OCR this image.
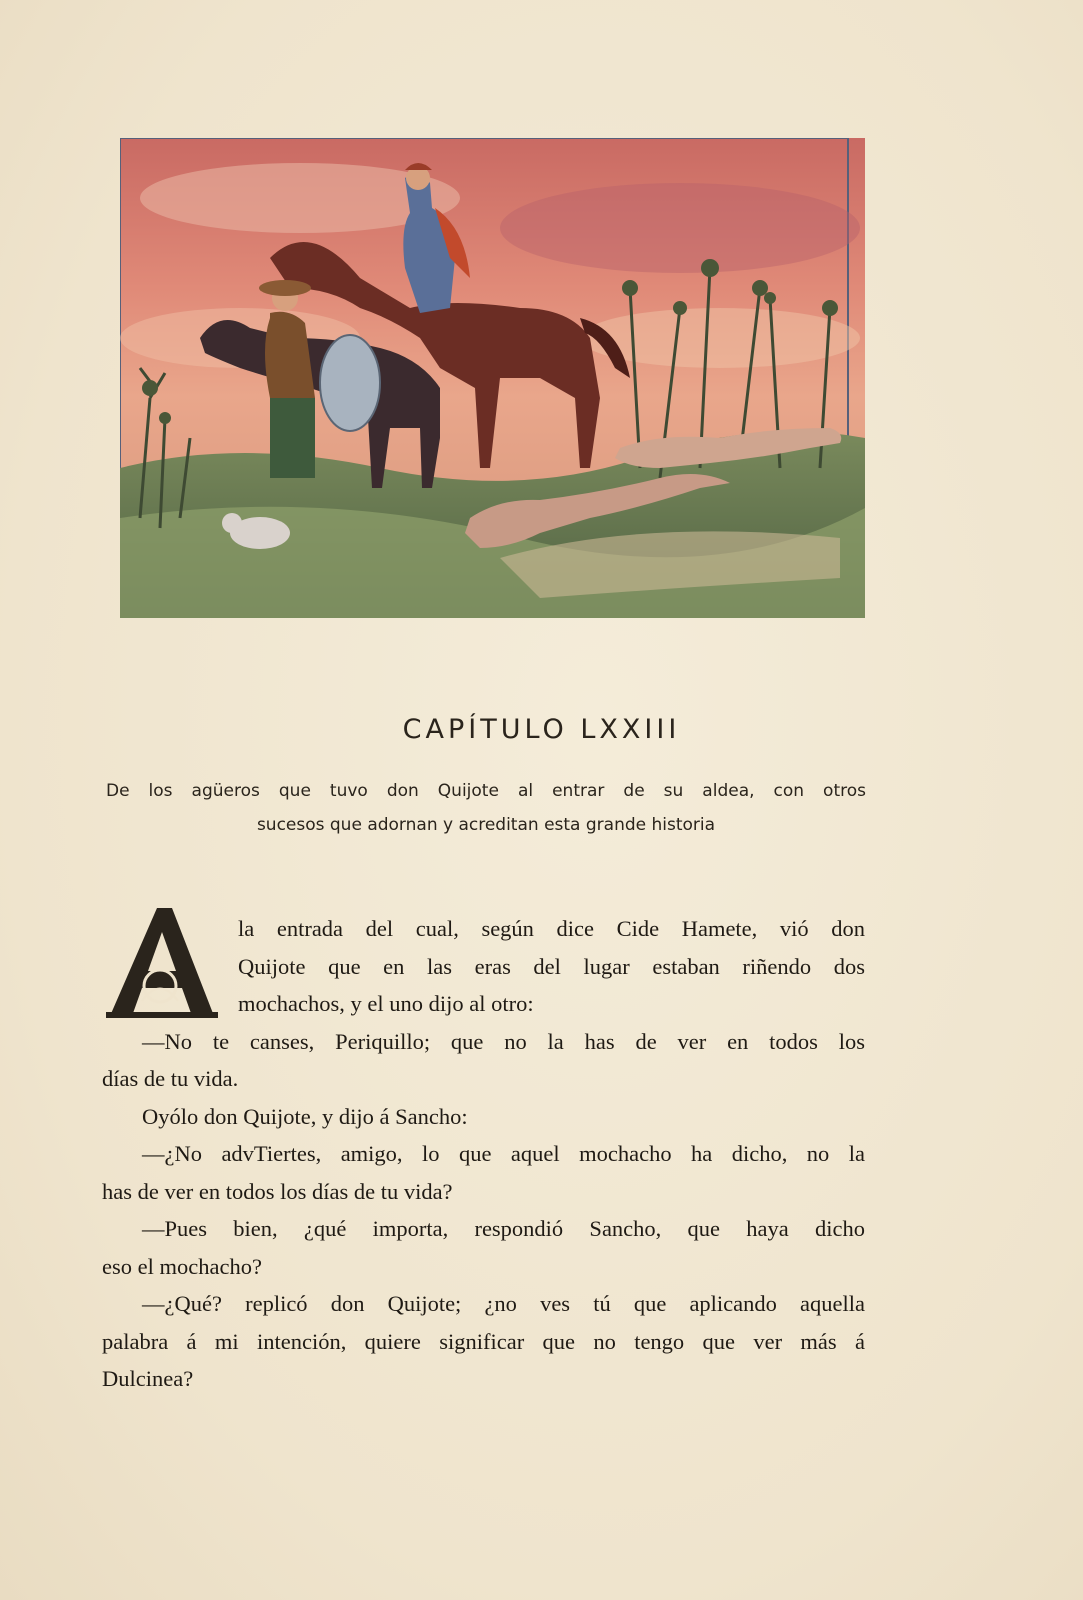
CAPÍTULO LXXIII
De los agüeros que tuvo don Quijote al entrar de su aldea, con otros
sucesos que adornan y acreditan esta grande historia
A
la entrada del cual, según dice Cide Hamete, vió don
Quijote que en las eras del lugar estaban riñendo dos
mochachos, y el uno dijo al otro:
—No te canses, Periquillo; que no la has de ver en todos los
días de tu vida.
Oyólo don Quijote, y dijo á Sancho:
—¿No advTiertes, amigo, lo que aquel mochacho ha dicho, no la
has de ver en todos los días de tu vida?
—Pues bien, ¿qué importa, respondió Sancho, que haya dicho
eso el mochacho?
—¿Qué? replicó don Quijote; ¿no ves tú que aplicando aquella
palabra á mi intención, quiere significar que no tengo que ver más á
Dulcinea?
